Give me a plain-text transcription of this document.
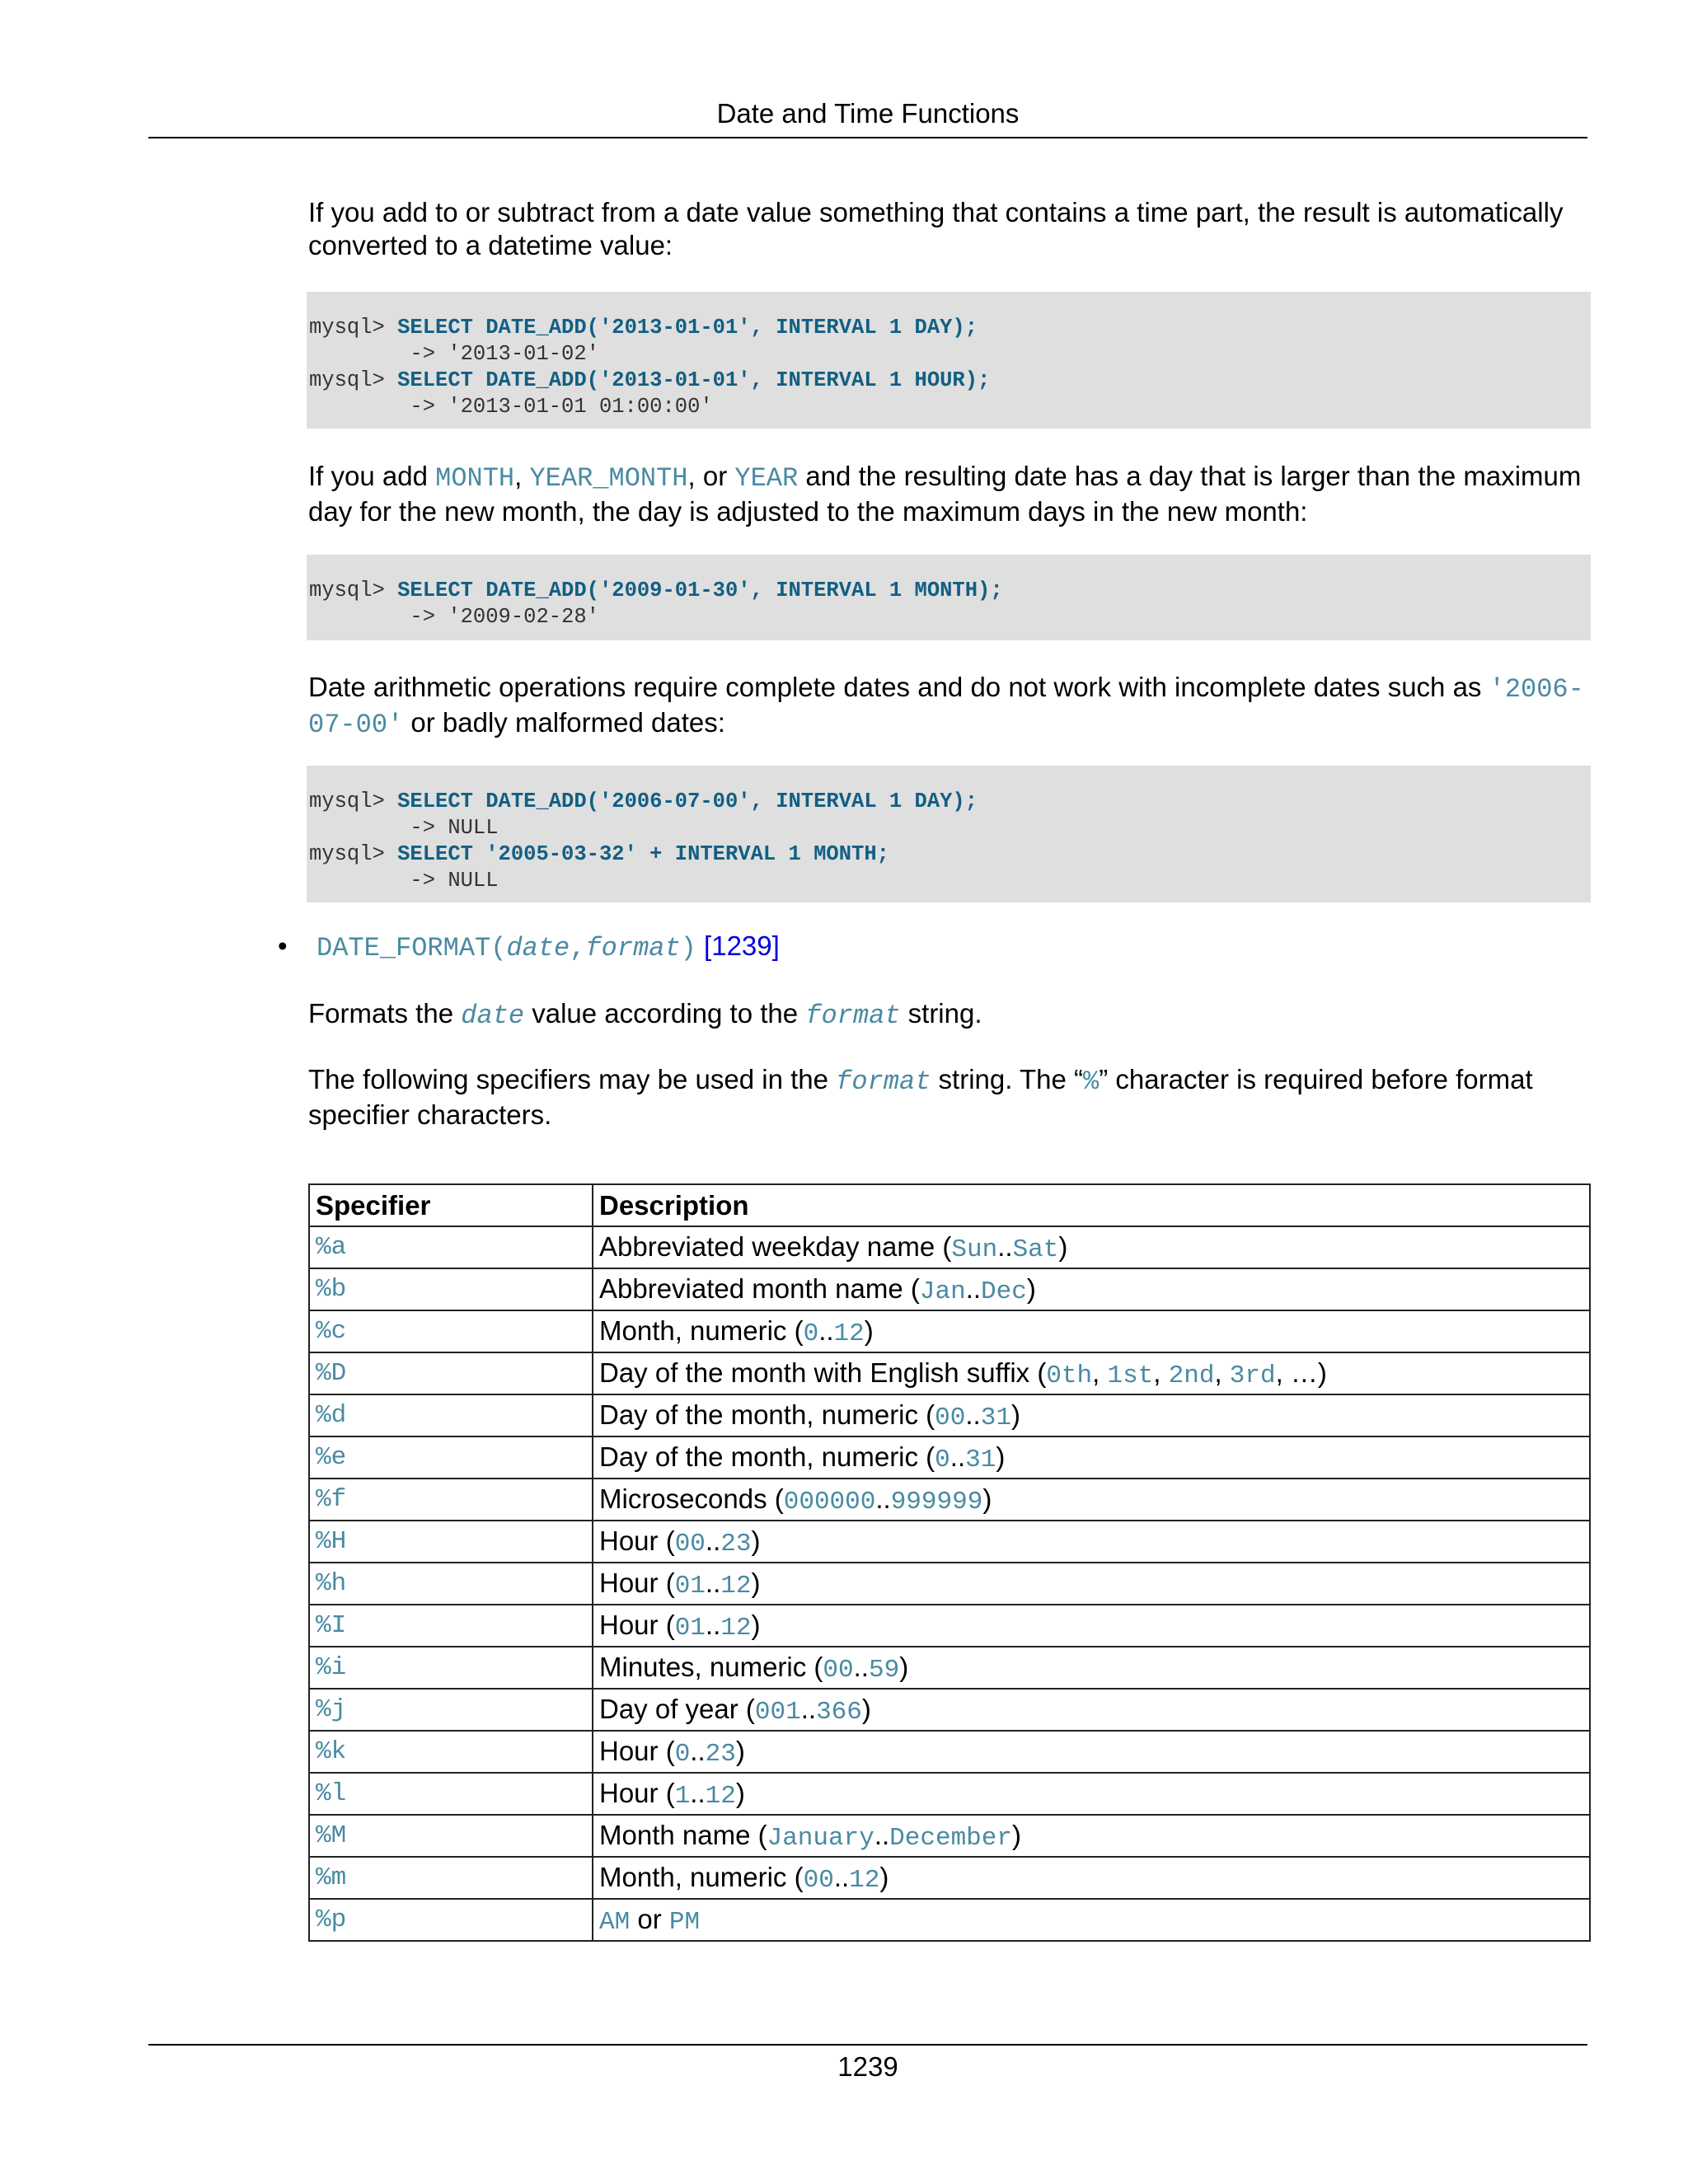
Date and Time Functions
If you add to or subtract from a date value something that contains a time part, the result is automatically converted to a datetime value:
mysql> SELECT DATE_ADD('2013-01-01', INTERVAL 1 DAY);
-> '2013-01-02'
mysql> SELECT DATE_ADD('2013-01-01', INTERVAL 1 HOUR);
-> '2013-01-01 01:00:00'
If you add MONTH, YEAR_MONTH, or YEAR and the resulting date has a day that is larger than the maximum day for the new month, the day is adjusted to the maximum days in the new month:
mysql> SELECT DATE_ADD('2009-01-30', INTERVAL 1 MONTH);
-> '2009-02-28'
Date arithmetic operations require complete dates and do not work with incomplete dates such as '2006-07-00' or badly malformed dates:
mysql> SELECT DATE_ADD('2006-07-00', INTERVAL 1 DAY);
-> NULL
mysql> SELECT '2005-03-32' + INTERVAL 1 MONTH;
-> NULL
• DATE_FORMAT(date,format) [1239]
Formats the date value according to the format string.
The following specifiers may be used in the format string. The “%” character is required before format specifier characters.
Specifier	Description
%a	Abbreviated weekday name (Sun..Sat)
%b	Abbreviated month name (Jan..Dec)
%c	Month, numeric (0..12)
%D	Day of the month with English suffix (0th, 1st, 2nd, 3rd, …)
%d	Day of the month, numeric (00..31)
%e	Day of the month, numeric (0..31)
%f	Microseconds (000000..999999)
%H	Hour (00..23)
%h	Hour (01..12)
%I	Hour (01..12)
%i	Minutes, numeric (00..59)
%j	Day of year (001..366)
%k	Hour (0..23)
%l	Hour (1..12)
%M	Month name (January..December)
%m	Month, numeric (00..12)
%p	AM or PM
1239
